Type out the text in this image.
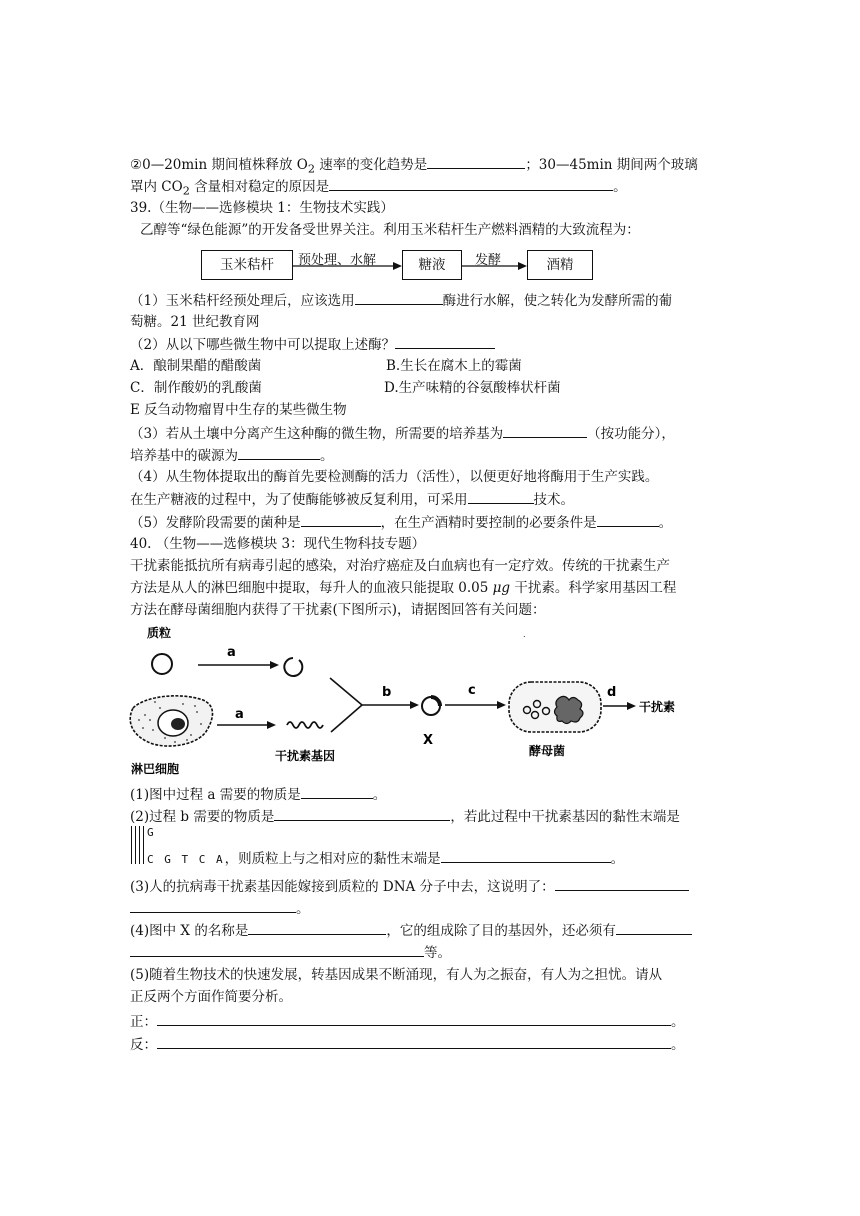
②0—20min 期间植株释放 $O_2$ 速率的变化趋势是	；30—45min 期间两个玻璃
罩内 $CO_2$ 含量相对稳定的原因是	。
39.（生物——选修模块 1：生物技术实践）
乙醇等“绿色能源”的开发备受世界关注。利用玉米秸杆生产燃料酒精的大致流程为：
玉米秸杆	预处理、水解	糖液	发酵	酒精
（1）玉米秸杆经预处理后，应该选用	酶进行水解，使之转化为发酵所需的葡
萄糖。21 世纪教育网
（2）从以下哪些微生物中可以提取上述酶？
A．酿制果醋的醋酸菌	B.生长在腐木上的霉菌
C．制作酸奶的乳酸菌	D.生产味精的谷氨酸棒状杆菌
E 反刍动物瘤胃中生存的某些微生物
（3）若从土壤中分离产生这种酶的微生物，所需要的培养基为	（按功能分），
培养基中的碳源为	。
（4）从生物体提取出的酶首先要检测酶的活力（活性），以便更好地将酶用于生产实践。
在生产糖液的过程中，为了使酶能够被反复利用，可采用	技术。
（5）发酵阶段需要的菌种是	，在生产酒精时要控制的必要条件是	。
40. （生物——选修模块 3：现代生物科技专题）
干扰素能抵抗所有病毒引起的感染，对治疗癌症及白血病也有一定疗效。传统的干扰素生产
方法是从人的淋巴细胞中提取，每升人的血液只能提取 0.05 μg 干扰素。科学家用基因工程
方法在酵母菌细胞内获得了干扰素(下图所示)，请据图回答有关问题：
质粒	.
a
淋巴细胞
a
干扰素基因
b
X
c
酵母菌
d
干扰素
(1)图中过程 a 需要的物质是	。
(2)过程 b 需要的物质是	，若此过程中干扰素基因的黏性末端是
G
C G T C A，则质粒上与之相对应的黏性末端是	。
(3)人的抗病毒干扰素基因能嫁接到质粒的 DNA 分子中去，这说明了：
。
(4)图中 X 的名称是	，它的组成除了目的基因外，还必须有
等。
(5)随着生物技术的快速发展，转基因成果不断涌现，有人为之振奋，有人为之担忧。请从
正反两个方面作简要分析。
正：	。
反：	。
